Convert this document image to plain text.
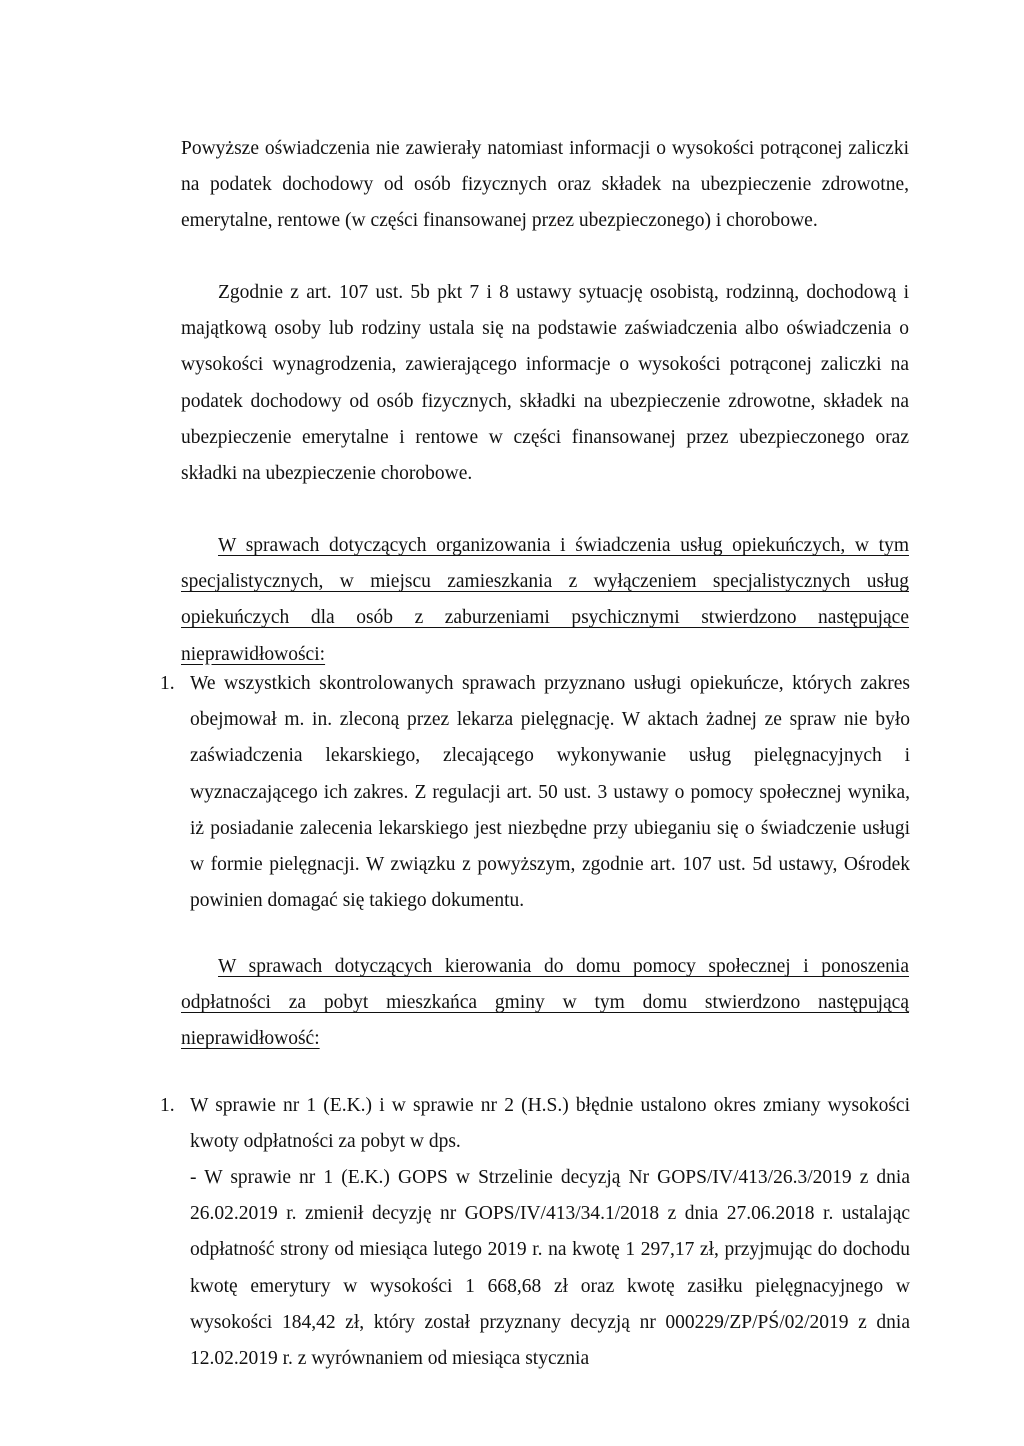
Powyższe oświadczenia nie zawierały natomiast informacji o wysokości potrąconej zaliczki na podatek dochodowy od osób fizycznych oraz składek na ubezpieczenie zdrowotne, emerytalne, rentowe (w części finansowanej przez ubezpieczonego) i chorobowe.

Zgodnie z art. 107 ust. 5b pkt 7 i 8 ustawy sytuację osobistą, rodzinną, dochodową i majątkową osoby lub rodziny ustala się na podstawie zaświadczenia albo oświadczenia o wysokości wynagrodzenia, zawierającego informacje o wysokości potrąconej zaliczki na podatek dochodowy od osób fizycznych, składki na ubezpieczenie zdrowotne, składek na ubezpieczenie emerytalne i rentowe w części finansowanej przez ubezpieczonego oraz składki na ubezpieczenie chorobowe.

W sprawach dotyczących organizowania i świadczenia usług opiekuńczych, w tym specjalistycznych, w miejscu zamieszkania z wyłączeniem specjalistycznych usług opiekuńczych dla osób z zaburzeniami psychicznymi stwierdzono następujące nieprawidłowości:

1. We wszystkich skontrolowanych sprawach przyznano usługi opiekuńcze, których zakres obejmował m. in. zleconą przez lekarza pielęgnację. W aktach żadnej ze spraw nie było zaświadczenia lekarskiego, zlecającego wykonywanie usług pielęgnacyjnych i wyznaczającego ich zakres. Z regulacji art. 50 ust. 3 ustawy o pomocy społecznej wynika, iż posiadanie zalecenia lekarskiego jest niezbędne przy ubieganiu się o świadczenie usługi w formie pielęgnacji. W związku z powyższym, zgodnie art. 107 ust. 5d ustawy, Ośrodek powinien domagać się takiego dokumentu.

W sprawach dotyczących kierowania do domu pomocy społecznej i ponoszenia odpłatności za pobyt mieszkańca gminy w tym domu stwierdzono następującą nieprawidłowość:

1. W sprawie nr 1 (E.K.) i w sprawie nr 2 (H.S.) błędnie ustalono okres zmiany wysokości kwoty odpłatności za pobyt w dps.

- W sprawie nr 1 (E.K.) GOPS w Strzelinie decyzją Nr GOPS/IV/413/26.3/2019 z dnia 26.02.2019 r. zmienił decyzję nr GOPS/IV/413/34.1/2018 z dnia 27.06.2018 r. ustalając odpłatność strony od miesiąca lutego 2019 r. na kwotę 1 297,17 zł, przyjmując do dochodu kwotę emerytury w wysokości 1 668,68 zł oraz kwotę zasiłku pielęgnacyjnego w wysokości 184,42 zł, który został przyznany decyzją nr 000229/ZP/PŚ/02/2019 z dnia 12.02.2019 r. z wyrównaniem od miesiąca stycznia
